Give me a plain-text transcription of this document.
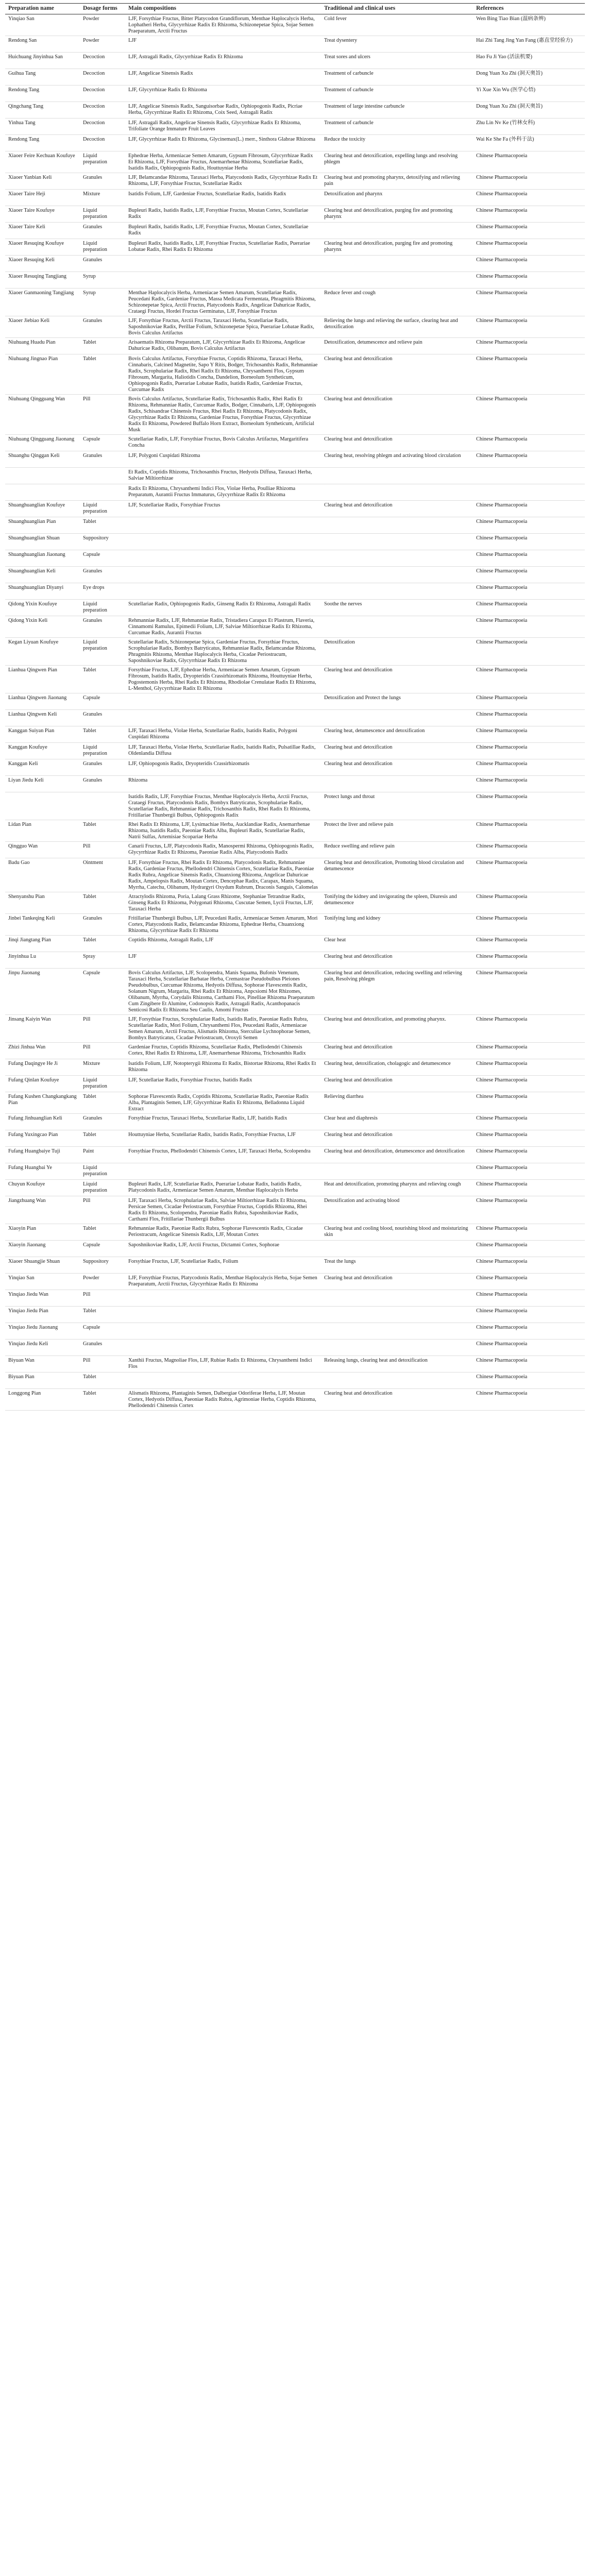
Preparation name	Dosage forms	Main compositions	Traditional and clinical uses	References
Yinqiao San	Powder	LJF, Forsythiae Fructus, Bitter Platycodon Grandiflorum, Menthae Haplocalycis Herba, Lophatheri Herba, Glycyrrhizae Radix Et Rhizoma, Schizonepetae Spica, Sojae Semen Praeparatum, Arctii Fructus	Cold fever	Wen Bing Tiao Bian (温病条辨)
Rendong San	Powder	LJF	Treat dysentery	Hai Zhi Tang Jing Yan Fang (惠直堂经验方)
Huichuang Jinyinhua San	Decoction	LJF, Astragali Radix, Glycyrrhizae Radix Et Rhizoma	Treat sores and ulcers	Hao Fu Ji Yao (活法机要)
Guihua Tang	Decoction	LJF, Angelicae Sinensis Radix	Treatment of carbuncle	Dong Yuan Xu Zhi (洞天奥旨)
Rendong Tang	Decoction	LJF, Glycyrrhizae Radix Et Rhizoma	Treatment of carbuncle	Yi Xue Xin Wu (医学心悟)
Qingchang Tang	Decoction	LJF, Angelicae Sinensis Radix, Sanguisorbae Radix, Ophiopogonis Radix, Picriae Herba, Glycyrrhizae Radix Et Rhizoma, Coix Seed, Astragali Radix	Treatment of large intestine carbuncle	Dong Yuan Xu Zhi (洞天奥旨)
Yinhua Tang	Decoction	LJF, Astragali Radix, Angelicae Sinensis Radix, Glycyrrhizae Radix Et Rhizoma, Trifoliate Orange Immature Fruit Leaves	Treatment of carbuncle	Zhu Lin Nv Ke (竹林女科)
Rendong Tang	Decoction	LJF, Glycyrrhizae Radix Et Rhizoma, Glycinemax(L.) merr., Sinthora Glabrae Rhizoma	Reduce the toxicity	Wai Ke She Fa (外科于法)
Xiaoer Feire Kechuan Koufuye	Liquid preparation	Ephedrae Herba, Armeniacae Semen Amarum, Gypsum Fibrosum, Glycyrrhizae Radix Et Rhizoma, LJF, Forsythiae Fructus, Anemarrhenae Rhizoma, Scutellariae Radix, Isatidis Radix, Ophiopogonis Radix, Houttuyniae Herba	Clearing heat and detoxification, expelling lungs and resolving phlegm	Chinese Pharmacopoeia
Xiaoer Yanbian Keli	Granules	LJF, Belamcandae Rhizoma, Taraxaci Herba, Platycodonis Radix, Glycyrrhizae Radix Et Rhizoma, LJF, Forsythiae Fructus, Scutellariae Radix	Clearing heat and promoting pharynx, detoxifying and relieving pain	Chinese Pharmacopoeia
Xiaoer Taire Heji	Mixture	Isatidis Folium, LJF, Gardeniae Fructus, Scutellariae Radix, Isatidis Radix	Detoxification and pharynx	Chinese Pharmacopoeia
Xiaoer Taire Koufuye	Liquid preparation	Bupleuri Radix, Isatidis Radix, LJF, Forsythiae Fructus, Moutan Cortex, Scutellariae Radix	Clearing heat and detoxification, purging fire and promoting pharynx	Chinese Pharmacopoeia
Xiaoer Taire Keli	Granules	Bupleuri Radix, Isatidis Radix, LJF, Forsythiae Fructus, Moutan Cortex, Scutellariae Radix		Chinese Pharmacopoeia
Xiaoer Resuqing Koufuye	Liquid preparation	Bupleuri Radix, Isatidis Radix, LJF, Forsythiae Fructus, Scutellariae Radix, Puerariae Lobatae Radix, Rhei Radix Et Rhizoma	Clearing heat and detoxification, purging fire and promoting pharynx	Chinese Pharmacopoeia
Xiaoer Resuqing Keli	Granules			Chinese Pharmacopoeia
Xiaoer Resuqing Tangjiang	Syrup			Chinese Pharmacopoeia
Xiaoer Ganmaoning Tangjiang	Syrup	Menthae Haplocalycis Herba, Armeniacae Semen Amarum, Scutellariae Radix, Peucedani Radix, Gardeniae Fructus, Massa Medicata Fermentata, Phragmitis Rhizoma, Schizonepetae Spica, Arctii Fructus, Platycodonis Radix, Angelicae Dahuricae Radix, Crataegi Fructus, Hordei Fructus Germinatus, LJF, Forsythiae Fructus	Reduce fever and cough	Chinese Pharmacopoeia
Xiaoer Jiebiao Keli	Granules	LJF, Forsythiae Fructus, Arctii Fructus, Taraxaci Herba, Scutellariae Radix, Saposhnikoviae Radix, Perillae Folium, Schizonepetae Spica, Puerariae Lobatae Radix, Bovis Calculus Artifactus	Relieving the lungs and relieving the surface, clearing heat and detoxification	Chinese Pharmacopoeia
Niuhuang Huadu Pian	Tablet	Arisaematis Rhizoma Preparatum, LJF, Glycyrrhizae Radix Et Rhizoma, Angelicae Dahuricae Radix, Olibanum, Bovis Calculus Artifactus	Detoxification, detumescence and relieve pain	Chinese Pharmacopoeia
Niuhuang Jingnao Pian	Tablet	Bovis Calculus Artifactus, Forsythiae Fructus, Coptidis Rhizoma, Taraxaci Herba, Cinnabaris, Calcined Magnetite, Sapo Y Ritis, Bodger, Trichosanthis Radix, Rehmanniae Radix, Scrophulariae Radix, Rhei Radix Et Rhizoma, Chrysanthemi Flos, Gypsum Fibrosum, Margarita, Haliotidis Concha, Dandelion, Borneolum Syntheticum, Ophiopogonis Radix, Puerariae Lobatae Radix, Isatidis Radix, Gardeniae Fructus, Curcumae Radix	Clearing heat and detoxification	Chinese Pharmacopoeia
Niuhuang Qingguang Wan	Pill	Bovis Calculus Artifactus, Scutellariae Radix, Trichosanthis Radix, Rhei Radix Et Rhizoma, Rehmanniae Radix, Curcumae Radix, Bodger, Cinnabaris, LJF, Ophiopogonis Radix, Schisandrae Chinensis Fructus, Rhei Radix Et Rhizoma, Platycodonis Radix, Glycyrrhizae Radix Et Rhizoma, Gardeniae Fructus, Forsythiae Fructus, Glycyrrhizae Radix Et Rhizoma, Powdered Buffalo Horn Extract, Borneolum Syntheticum, Artificial Musk	Clearing heat and detoxification	Chinese Pharmacopoeia
Niuhuang Qingguang Jiaonang	Capsule	Scutellariae Radix, LJF, Forsythiae Fructus, Bovis Calculus Artifactus, Margaritifera Concha	Clearing heat and detoxification	Chinese Pharmacopoeia
Shuanghu Qinggan Keli	Granules	LJF, Polygoni Cuspidati Rhizoma	Clearing heat, resolving phlegm and activating blood circulation	Chinese Pharmacopoeia
		Et Radix, Coptidis Rhizoma, Trichosanthis Fructus, Hedyotis Diffusa, Taraxaci Herba, Salviae Miltiorrhizae		
		Radix Et Rhizoma, Chrysanthemi Indici Flos, Violae Herba, Poulliae Rhizoma Preparatum, Aurantii Fructus Immaturus, Glycyrrhizae Radix Et Rhizoma		
Shuanghuanglian Koufuye	Liquid preparation	LJF, Scutellariae Radix, Forsythiae Fructus	Clearing heat and detoxification	Chinese Pharmacopoeia
Shuanghuanglian Pian	Tablet			Chinese Pharmacopoeia
Shuanghuanglian Shuan	Suppository			Chinese Pharmacopoeia
Shuanghuanglian Jiaonang	Capsule			Chinese Pharmacopoeia
Shuanghuanglian Keli	Granules			Chinese Pharmacopoeia
Shuanghuanglian Diyanyi	Eye drops			Chinese Pharmacopoeia
Qidong Yixin Koufuye	Liquid preparation	Scutellariae Radix, Ophiopogonis Radix, Ginseng Radix Et Rhizoma, Astragali Radix	Soothe the nerves	Chinese Pharmacopoeia
Qidong Yixin Keli	Granules	Rehmanniae Radix, LJF, Rehmanniae Radix, Tristadiera Carapax Et Plastrum, Flaveria, Cinnamomi Ramulus, Epimedii Folium, LJF, Salviae Miltiorrhizae Radix Et Rhizoma, Curcumae Radix, Aurantii Fructus		Chinese Pharmacopoeia
Kegan Liyuan Koufuye	Liquid preparation	Scutellariae Radix, Schizonepetae Spica, Gardeniae Fructus, Forsythiae Fructus, Scrophulariae Radix, Bombyx Batryticatus, Rehmanniae Radix, Belamcandae Rhizoma, Phragmitis Rhizoma, Menthae Haplocalycis Herba, Cicadae Periostracum, Saposhnikoviae Radix, Glycyrrhizae Radix Et Rhizoma	Detoxification	Chinese Pharmacopoeia
Lianhua Qingwen Pian	Tablet	Forsythiae Fructus, LJF, Ephedrae Herba, Armeniacae Semen Amarum, Gypsum Fibrosum, Isatidis Radix, Dryopteridis Crassirhizomatis Rhizoma, Houttuyniae Herba, Pogostemonis Herba, Rhei Radix Et Rhizoma, Rhodiolae Crenulatae Radix Et Rhizoma, L-Menthol, Glycyrrhizae Radix Et Rhizoma	Clearing heat and detoxification	Chinese Pharmacopoeia
Lianhua Qingwen Jiaonang	Capsule		Detoxification and Protect the lungs	Chinese Pharmacopoeia
Lianhua Qingwen Keli	Granules			Chinese Pharmacopoeia
Kanggan Suiyan Pian	Tablet	LJF, Taraxaci Herba, Violae Herba, Scutellariae Radix, Isatidis Radix, Polygoni Cuspidati Rhizoma	Clearing heat, detumescence and detoxification	Chinese Pharmacopoeia
Kanggan Koufuye	Liquid preparation	LJF, Taraxaci Herba, Violae Herba, Scutellariae Radix, Isatidis Radix, Pulsatillae Radix, Oldenlandia Diffusa	Clearing heat and detoxification	Chinese Pharmacopoeia
Kanggan Keli	Granules	LJF, Ophiopogonis Radix, Dryopteridis Crassirhizomatis	Clearing heat and detoxification	Chinese Pharmacopoeia
Liyan Jiedu Keli	Granules	Rhizoma		Chinese Pharmacopoeia
		Isatidis Radix, LJF, Forsythiae Fructus, Menthae Haplocalycis Herba, Arctii Fructus, Crataegi Fructus, Platycodonis Radix, Bombyx Batryticatus, Scrophulariae Radix, Scutellariae Radix, Rehmanniae Radix, Trichosanthis Radix, Rhei Radix Et Rhizoma, Fritillariae Thunbergii Bulbus, Ophiopogonis Radix	Protect lungs and throat	Chinese Pharmacopoeia
Lidan Pian	Tablet	Rhei Radix Et Rhizoma, LJF, Lysimachiae Herba, Aucklandiae Radix, Anemarrhenae Rhizoma, Isatidis Radix, Paeoniae Radix Alba, Bupleuri Radix, Scutellariae Radix, Natrii Sulfas, Artemisiae Scopariae Herba	Protect the liver and relieve pain	Chinese Pharmacopoeia
Qingguo Wan	Pill	Canarii Fructus, LJF, Platycodonis Radix, Manospermi Rhizoma, Ophiopogonis Radix, Glycyrrhizae Radix Et Rhizoma, Paeoniae Radix Alba, Platycodonis Radix	Reduce swelling and relieve pain	Chinese Pharmacopoeia
Badu Gao	Ointment	LJF, Forsythiae Fructus, Rhei Radix Et Rhizoma, Platycodonis Radix, Rehmanniae Radix, Gardeniae Fructus, Phellodendri Chinensis Cortex, Scutellariae Radix, Paeoniae Radix Rubra, Angelicae Sinensis Radix, Chuanxiong Rhizoma, Angelicae Dahuricae Radix, Ampelopsis Radix, Moutan Cortex, Dencephae Radix, Carapax, Manis Squama, Myrrha, Catechu, Olibanum, Hydrargyri Oxydum Rubrum, Draconis Sanguis, Calomelas	Clearing heat and detoxification, Promoting blood circulation and detumescence	Chinese Pharmacopoeia
Shenyanshu Pian	Tablet	Atractylodis Rhizoma, Poria, Lalang Grass Rhizome, Stephaniae Tetrandrae Radix, Ginseng Radix Et Rhizoma, Polygonati Rhizoma, Cuscutae Semen, Lycii Fructus, LJF, Taraxaci Herba	Tonifying the kidney and invigorating the spleen, Diuresis and detumescence	Chinese Pharmacopoeia
Jinbei Tankeqing Keli	Granules	Fritillariae Thunbergii Bulbus, LJF, Peucedani Radix, Armeniacae Semen Amarum, Mori Cortex, Platycodonis Radix, Belamcandae Rhizoma, Ephedrae Herba, Chuanxiong Rhizoma, Glycyrrhizae Radix Et Rhizoma	Tonifying lung and kidney	Chinese Pharmacopoeia
Jinqi Jiangtang Pian	Tablet	Coptidis Rhizoma, Astragali Radix, LJF	Clear heat	Chinese Pharmacopoeia
Jinyinhua Lu	Spray	LJF	Clearing heat and detoxification	Chinese Pharmacopoeia
Jinpu Jiaonang	Capsule	Bovis Calculus Artifactus, LJF, Scolopendra, Manis Squama, Bufonis Venenum, Taraxaci Herba, Scutellariae Barbatae Herba, Cremastrae Pseudobulbus Pleiones Pseudobulbus, Curcumae Rhizoma, Hedyotis Diffusa, Sophorae Flavescentis Radix, Solanum Nigrum, Margarita, Rhei Radix Et Rhizoma, Anpcsiomi Mot Rhizomes, Olibanum, Myrrha, Corydalis Rhizoma, Carthami Flos, Pinelliae Rhizoma Praeparatum Cum Zingibere Et Alumine, Codonopsis Radix, Astragali Radix, Acanthopanacis Senticosi Radix Et Rhizoma Seu Caulis, Amomi Fructus	Clearing heat and detoxification, reducing swelling and relieving pain, Resolving phlegm	Chinese Pharmacopoeia
Jinsang Kaiyin Wan	Pill	LJF, Forsythiae Fructus, Scrophulariae Radix, Isatidis Radix, Paeoniae Radix Rubra, Scutellariae Radix, Mori Folium, Chrysanthemi Flos, Peucedani Radix, Armeniacae Semen Amarum, Arctii Fructus, Alismatis Rhizoma, Sterculiae Lychnophorae Semen, Bombyx Batryticatus, Cicadae Periostracum, Oroxyli Semen	Clearing heat and detoxification, and promoting pharynx.	Chinese Pharmacopoeia
Zhizi Jinhua Wan	Pill	Gardeniae Fructus, Coptidis Rhizoma, Scutellariae Radix, Phellodendri Chinensis Cortex, Rhei Radix Et Rhizoma, LJF, Anemarrhenae Rhizoma, Trichosanthis Radix	Clearing heat and detoxification	Chinese Pharmacopoeia
Fufang Daqingye He Ji	Mixture	Isatidis Folium, LJF, Notopterygii Rhizoma Et Radix, Bistortae Rhizoma, Rhei Radix Et Rhizoma	Clearing heat, detoxification, cholagogic and detumescence	Chinese Pharmacopoeia
Fufang Qinlan Koufuye	Liquid preparation	LJF, Scutellariae Radix, Forsythiae Fructus, Isatidis Radix	Clearing heat and detoxification	Chinese Pharmacopoeia
Fufang Kushen Changkangkang Pian	Tablet	Sophorae Flavescentis Radix, Coptidis Rhizoma, Scutellariae Radix, Paeoniae Radix Alba, Plantaginis Semen, LJF, Glycyrrhizae Radix Et Rhizoma, Belladonna Liquid Extract	Relieving diarrhea	Chinese Pharmacopoeia
Fufang Jinhuanglian Keli	Granules	Forsythiae Fructus, Taraxaci Herba, Scutellariae Radix, LJF, Isatidis Radix	Clear heat and diaphresis	Chinese Pharmacopoeia
Fufang Yuxingcao Pian	Tablet	Houttuyniae Herba, Scutellariae Radix, Isatidis Radix, Forsythiae Fructus, LJF	Clearing heat and detoxification	Chinese Pharmacopoeia
Fufang Huangbaiye Tuji	Paint	Forsythiae Fructus, Phellodendri Chinensis Cortex, LJF, Taraxaci Herba, Scolopendra	Clearing heat and detoxification, detumescence and detoxification	Chinese Pharmacopoeia
Fufang Huangbai Ye	Liquid preparation			Chinese Pharmacopoeia
Chuyun Koufuye	Liquid preparation	Bupleuri Radix, LJF, Scutellariae Radix, Puerariae Lobatae Radix, Isatidis Radix, Platycodonis Radix, Armeniacae Semen Amarum, Menthae Haplocalycis Herba	Heat and detoxification, promoting pharynx and relieving cough	Chinese Pharmacopoeia
Jiangzhuang Wan	Pill	LJF, Taraxaci Herba, Scrophulariae Radix, Salviae Miltiorrhizae Radix Et Rhizoma, Persicae Semen, Cicadae Periostracum, Forsythiae Fructus, Coptidis Rhizoma, Rhei Radix Et Rhizoma, Scolopendra, Paeoniae Radix Rubra, Saposhnikoviae Radix, Carthami Flos, Fritillariae Thunbergii Bulbus	Detoxification and activating blood	Chinese Pharmacopoeia
Xiaoyin Pian	Tablet	Rehmanniae Radix, Paeoniae Radix Rubra, Sophorae Flavescentis Radix, Cicadae Periostracum, Angelicae Sinensis Radix, LJF, Moutan Cortex	Clearing heat and cooling blood, nourishing blood and moisturizing skin	Chinese Pharmacopoeia
Xiaoyin Jiaonang	Capsule	Saposhnikoviae Radix, LJF, Arctii Fructus, Dictamni Cortex, Sophorae		Chinese Pharmacopoeia
Xiaoer Shuangjie Shuan	Suppository	Forsythiae Fructus, LJF, Scutellariae Radix, Folium	Treat the lungs	Chinese Pharmacopoeia
Yinqiao San	Powder	LJF, Forsythiae Fructus, Platycodonis Radix, Menthae Haplocalycis Herba, Sojae Semen Praeparatum, Arctii Fructus, Glycyrrhizae Radix Et Rhizoma	Clearing heat and detoxification	Chinese Pharmacopoeia
Yinqiao Jiedu Wan	Pill			Chinese Pharmacopoeia
Yinqiao Jiedu Pian	Tablet			Chinese Pharmacopoeia
Yinqiao Jiedu Jiaonang	Capsule			Chinese Pharmacopoeia
Yinqiao Jiedu Keli	Granules			Chinese Pharmacopoeia
Biyuan Wan	Pill	Xanthii Fructus, Magnoliae Flos, LJF, Rubiae Radix Et Rhizoma, Chrysanthemi Indici Flos	Releasing lungs, clearing heat and detoxification	Chinese Pharmacopoeia
Biyuan Pian	Tablet			Chinese Pharmacopoeia
Longgong Pian	Tablet	Alismatis Rhizoma, Plantaginis Semen, Dalbergiae Odoriferae Herba, LJF, Moutan Cortex, Hedyotis Diffusa, Paeoniae Radix Rubra, Agrimoniae Herba, Coptidis Rhizoma, Phellodendri Chinensis Cortex	Clearing heat and detoxification	Chinese Pharmacopoeia
